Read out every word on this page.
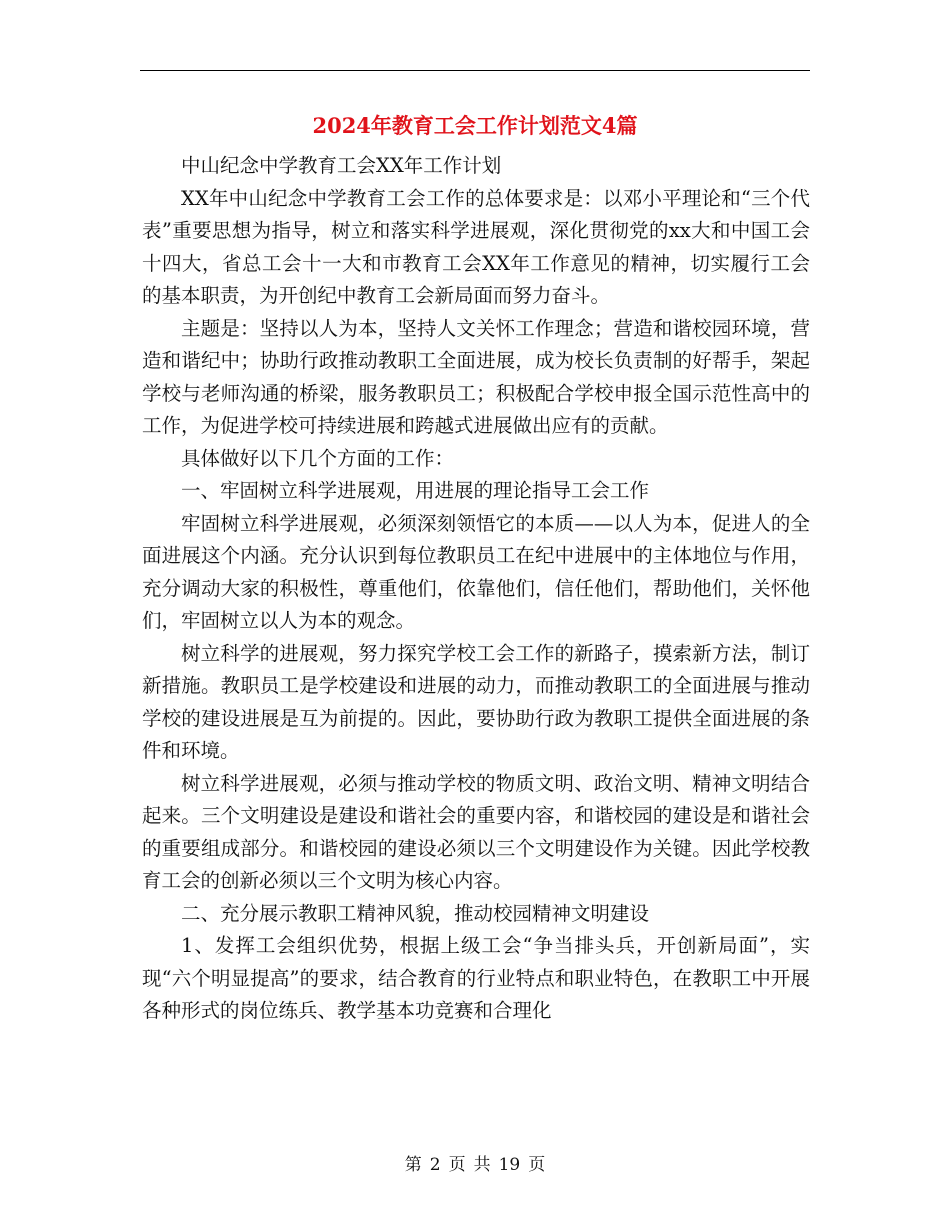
2024年教育工会工作计划范文4篇

中山纪念中学教育工会XX年工作计划

XX年中山纪念中学教育工会工作的总体要求是：以邓小平理论和“三个代表”重要思想为指导，树立和落实科学进展观，深化贯彻党的xx大和中国工会十四大，省总工会十一大和市教育工会XX年工作意见的精神，切实履行工会的基本职责，为开创纪中教育工会新局面而努力奋斗。

主题是：坚持以人为本，坚持人文关怀工作理念；营造和谐校园环境，营造和谐纪中；协助行政推动教职工全面进展，成为校长负责制的好帮手，架起学校与老师沟通的桥梁，服务教职员工；积极配合学校申报全国示范性高中的工作，为促进学校可持续进展和跨越式进展做出应有的贡献。

具体做好以下几个方面的工作：

一、牢固树立科学进展观，用进展的理论指导工会工作

牢固树立科学进展观，必须深刻领悟它的本质——以人为本，促进人的全面进展这个内涵。充分认识到每位教职员工在纪中进展中的主体地位与作用，充分调动大家的积极性，尊重他们，依靠他们，信任他们，帮助他们，关怀他们，牢固树立以人为本的观念。

树立科学的进展观，努力探究学校工会工作的新路子，摸索新方法，制订新措施。教职员工是学校建设和进展的动力，而推动教职工的全面进展与推动学校的建设进展是互为前提的。因此，要协助行政为教职工提供全面进展的条件和环境。

树立科学进展观，必须与推动学校的物质文明、政治文明、精神文明结合起来。三个文明建设是建设和谐社会的重要内容，和谐校园的建设是和谐社会的重要组成部分。和谐校园的建设必须以三个文明建设作为关键。因此学校教育工会的创新必须以三个文明为核心内容。

二、充分展示教职工精神风貌，推动校园精神文明建设

1、发挥工会组织优势，根据上级工会“争当排头兵，开创新局面”，实现“六个明显提高”的要求，结合教育的行业特点和职业特色，在教职工中开展各种形式的岗位练兵、教学基本功竞赛和合理化

第 2 页 共 19 页
